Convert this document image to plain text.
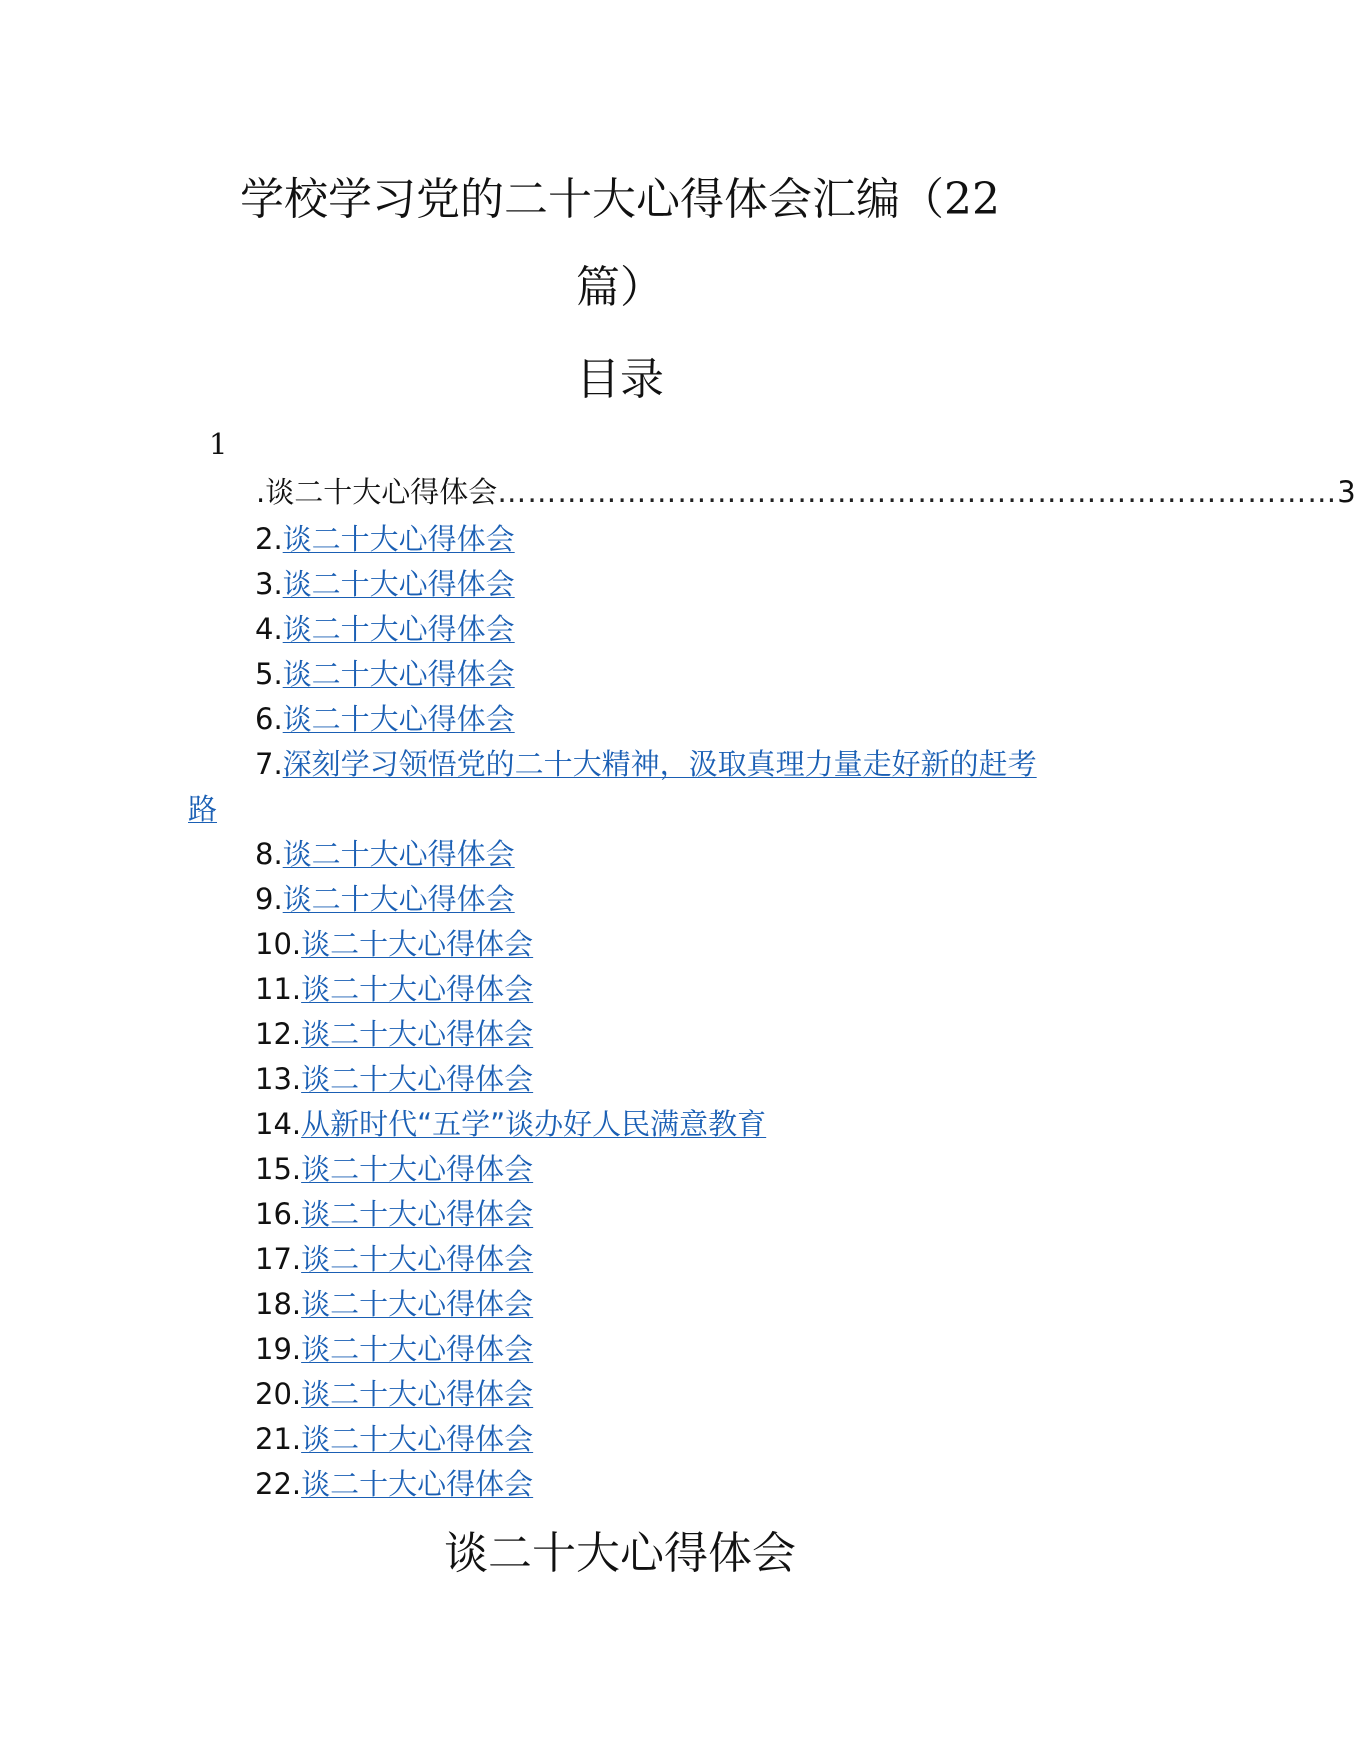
学校学习党的二十大心得体会汇编（22
篇）
目录
1
.谈二十大心得体会 ………………………………………………………………………… 3

2.谈二十大心得体会

3.谈二十大心得体会

4.谈二十大心得体会

5.谈二十大心得体会

6.谈二十大心得体会

7.深刻学习领悟党的二十大精神，汲取真理力量走好新的赶考路

8.谈二十大心得体会

9.谈二十大心得体会

10.谈二十大心得体会

11.谈二十大心得体会

12.谈二十大心得体会

13.谈二十大心得体会

14.从新时代“五学”谈办好人民满意教育

15.谈二十大心得体会

16.谈二十大心得体会

17.谈二十大心得体会

18.谈二十大心得体会

19.谈二十大心得体会

20.谈二十大心得体会

21.谈二十大心得体会

22.谈二十大心得体会

谈二十大心得体会
